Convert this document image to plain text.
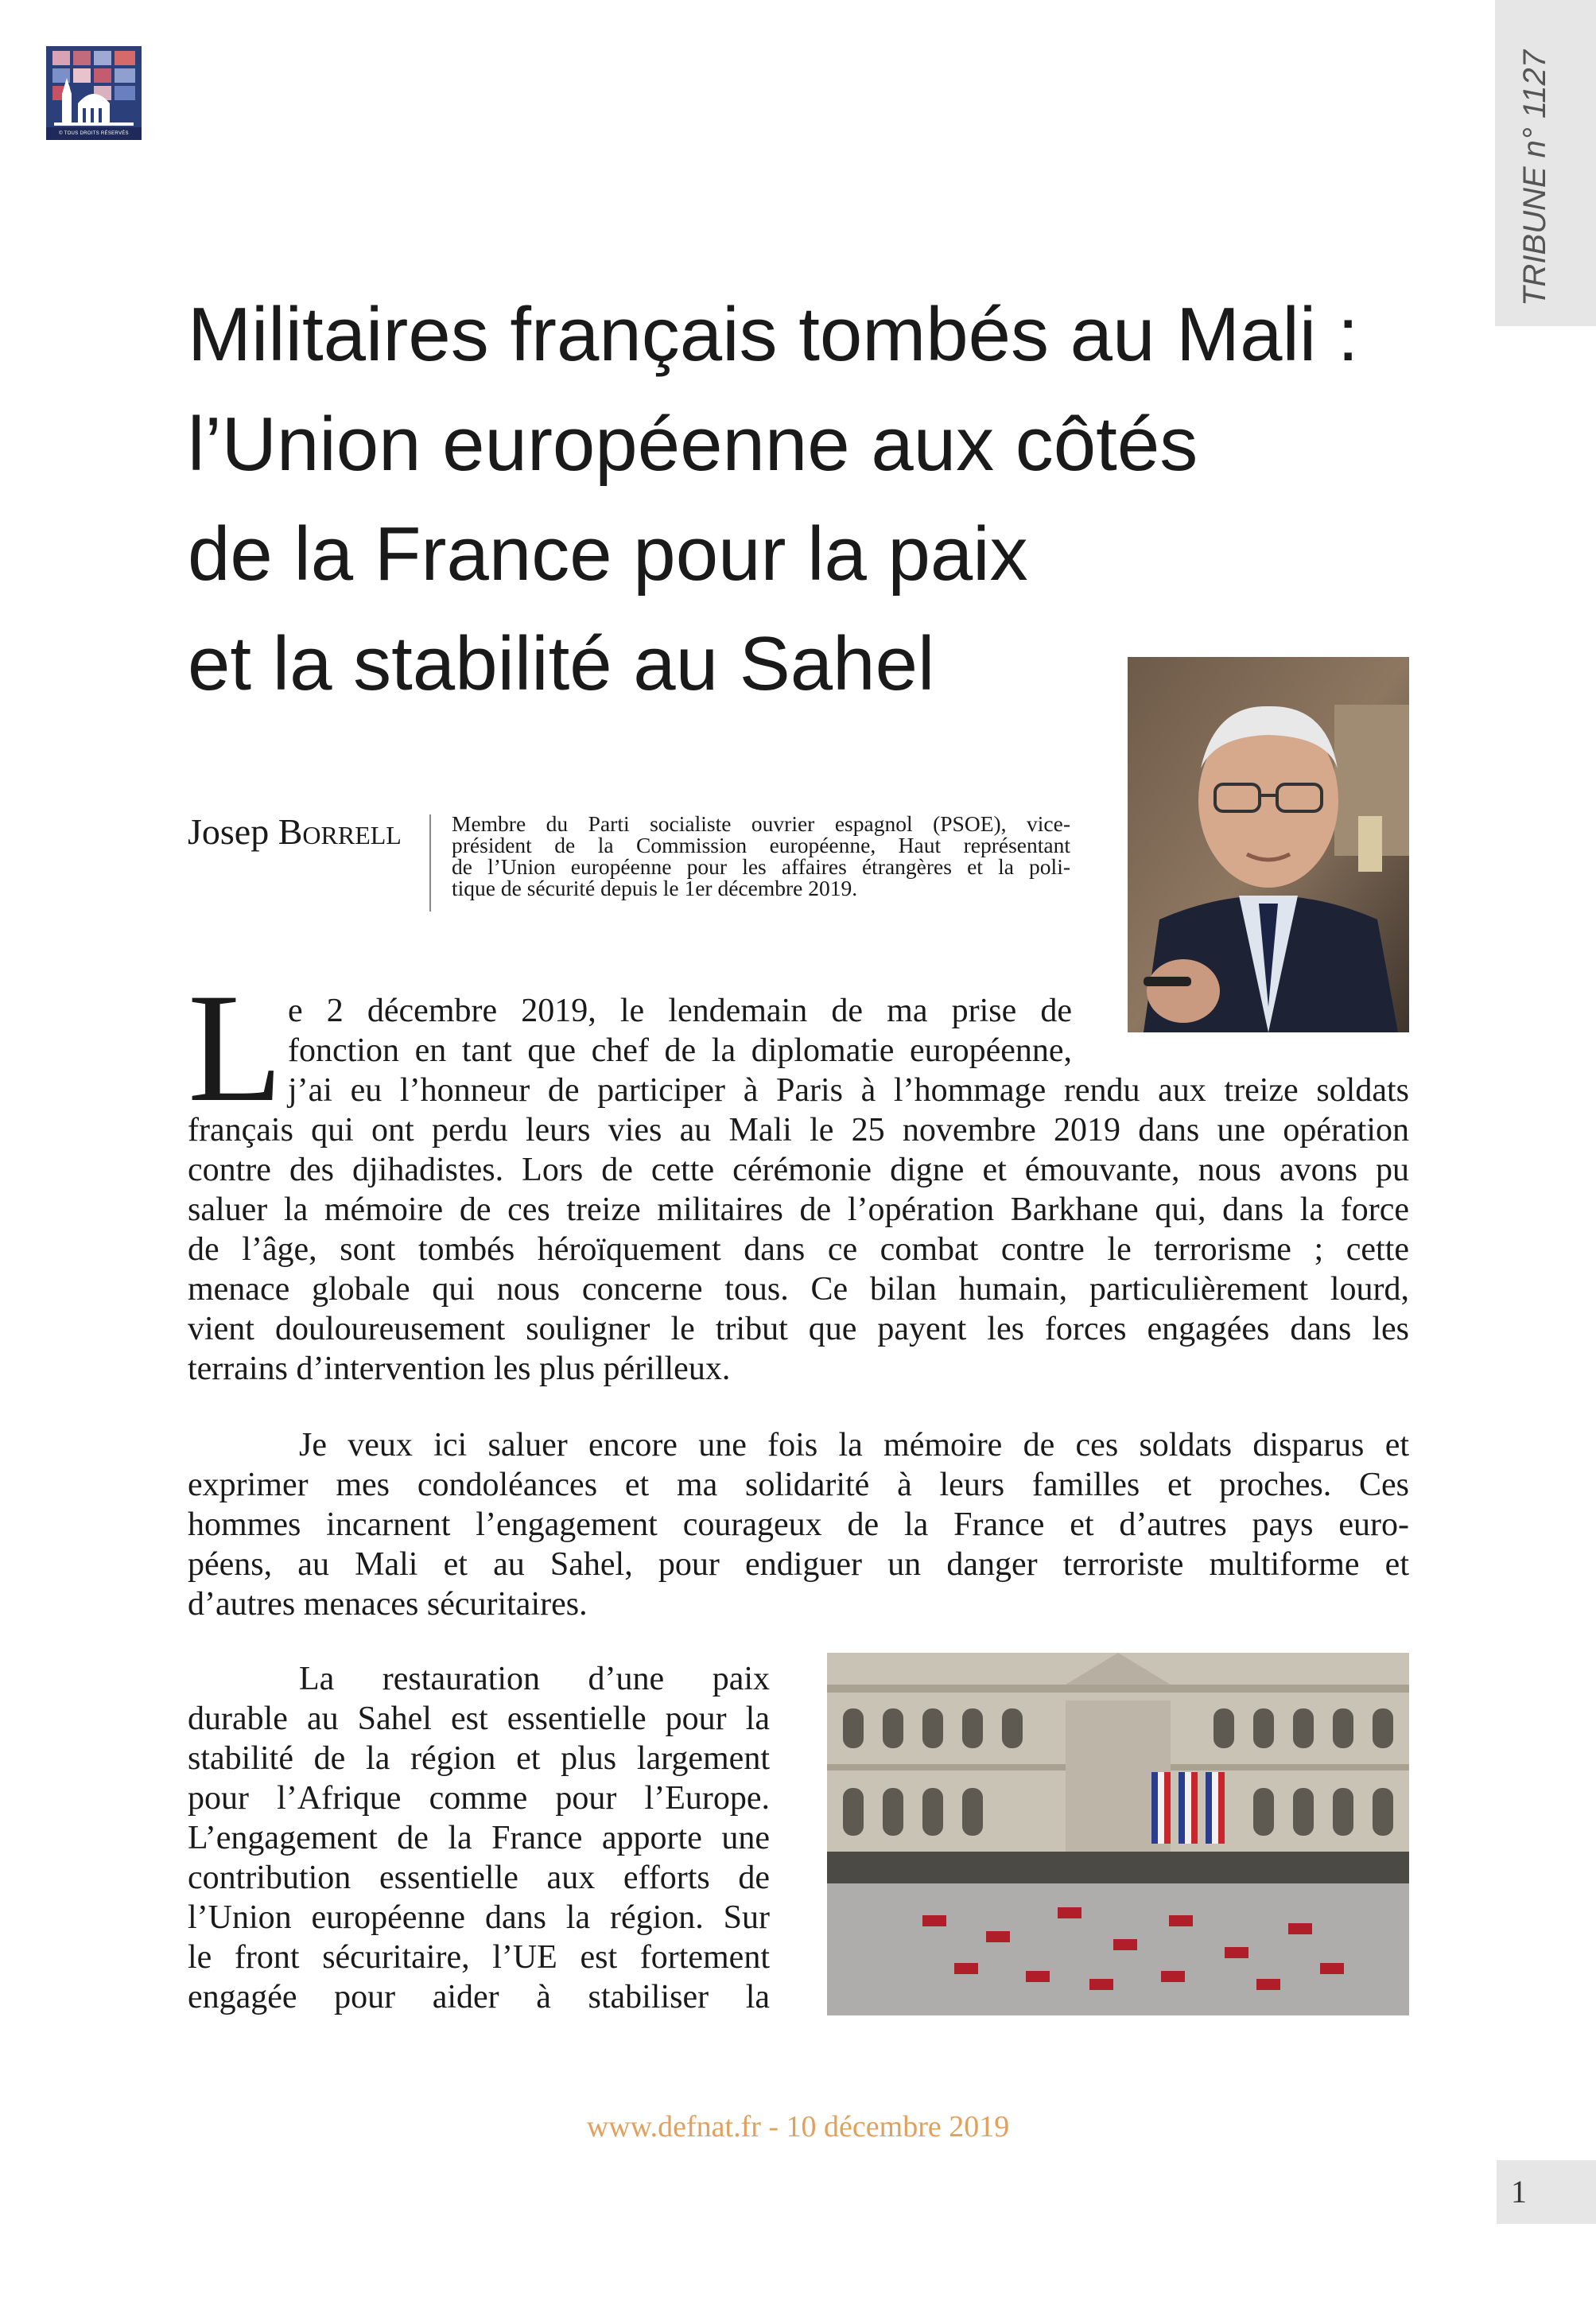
© TOUS DROITS RÉSERVÉS	TRIBUNE n° 1127
Militaires français tombés au Mali :
l’Union européenne aux côtés
de la France pour la paix
et la stabilité au Sahel
Josep Borrell	Membre du Parti socialiste ouvrier espagnol (PSOE), vice-
président de la Commission européenne, Haut représentant
de l’Union européenne pour les affaires étrangères et la poli-
tique de sécurité depuis le 1er décembre 2019.
L e 2 décembre 2019, le lendemain de ma prise de
fonction en tant que chef de la diplomatie européenne,
j’ai eu l’honneur de participer à Paris à l’hommage rendu aux treize soldats
français qui ont perdu leurs vies au Mali le 25 novembre 2019 dans une opération
contre des djihadistes. Lors de cette cérémonie digne et émouvante, nous avons pu
saluer la mémoire de ces treize militaires de l’opération Barkhane qui, dans la force
de l’âge, sont tombés héroïquement dans ce combat contre le terrorisme ; cette
menace globale qui nous concerne tous. Ce bilan humain, particulièrement lourd,
vient douloureusement souligner le tribut que payent les forces engagées dans les
terrains d’intervention les plus périlleux.
Je veux ici saluer encore une fois la mémoire de ces soldats disparus et
exprimer mes condoléances et ma solidarité à leurs familles et proches. Ces
hommes incarnent l’engagement courageux de la France et d’autres pays euro-
péens, au Mali et au Sahel, pour endiguer un danger terroriste multiforme et
d’autres menaces sécuritaires.
La restauration d’une paix
durable au Sahel est essentielle pour la
stabilité de la région et plus largement
pour l’Afrique comme pour l’Europe.
L’engagement de la France apporte une
contribution essentielle aux efforts de
l’Union européenne dans la région. Sur
le front sécuritaire, l’UE est fortement
engagée pour aider à stabiliser la
www.defnat.fr - 10 décembre 2019
1
